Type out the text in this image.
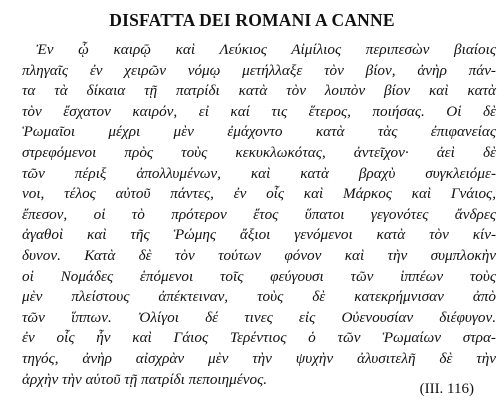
DISFATTA DEI ROMANI A CANNE
Ἐν ᾧ καιρῷ καὶ Λεύκιος Αἰμίλιος περιπεσὼν βιαίοις
πληγαῖς ἐν χειρῶν νόμῳ μετήλλαξε τὸν βίον, ἀνὴρ πάν-
τα τὰ δίκαια τῇ πατρίδι κατὰ τὸν λοιπὸν βίον καὶ κατὰ
τὸν ἔσχατον καιρόν, εἰ καί τις ἕτερος, ποιήσας. Οἱ δὲ
Ῥωμαῖοι μέχρι μὲν ἐμάχοντο κατὰ τὰς ἐπιφανείας
στρεφόμενοι πρὸς τοὺς κεκυκλωκότας, ἀντεῖχον· ἀεὶ δὲ
τῶν πέριξ ἀπολλυμένων, καὶ κατὰ βραχὺ συγκλειόμε-
νοι, τέλος αὐτοῦ πάντες, ἐν οἷς καὶ Μάρκος καὶ Γνάιος,
ἔπεσον, οἱ τὸ πρότερον ἔτος ὕπατοι γεγονότες ἄνδρες
ἀγαθοὶ καὶ τῆς Ῥώμης ἄξιοι γενόμενοι κατὰ τὸν κίν-
δυνον. Κατὰ δὲ τὸν τούτων φόνον καὶ τὴν συμπλοκὴν
οἱ Νομάδες ἑπόμενοι τοῖς φεύγουσι τῶν ἱππέων τοὺς
μὲν πλείστους ἀπέκτειναν, τοὺς δὲ κατεκρήμνισαν ἀπὸ
τῶν ἵππων. Ὀλίγοι δέ τινες εἰς Οὐενουσίαν διέφυγον.
ἐν οἷς ἦν καὶ Γάιος Τερέντιος ὁ τῶν Ῥωμαίων στρα-
τηγός, ἀνὴρ αἰσχρὰν μὲν τὴν ψυχὴν ἀλυσιτελῆ δὲ τὴν
ἀρχὴν τὴν αὑτοῦ τῇ πατρίδι πεποιημένος.
(III. 116)
